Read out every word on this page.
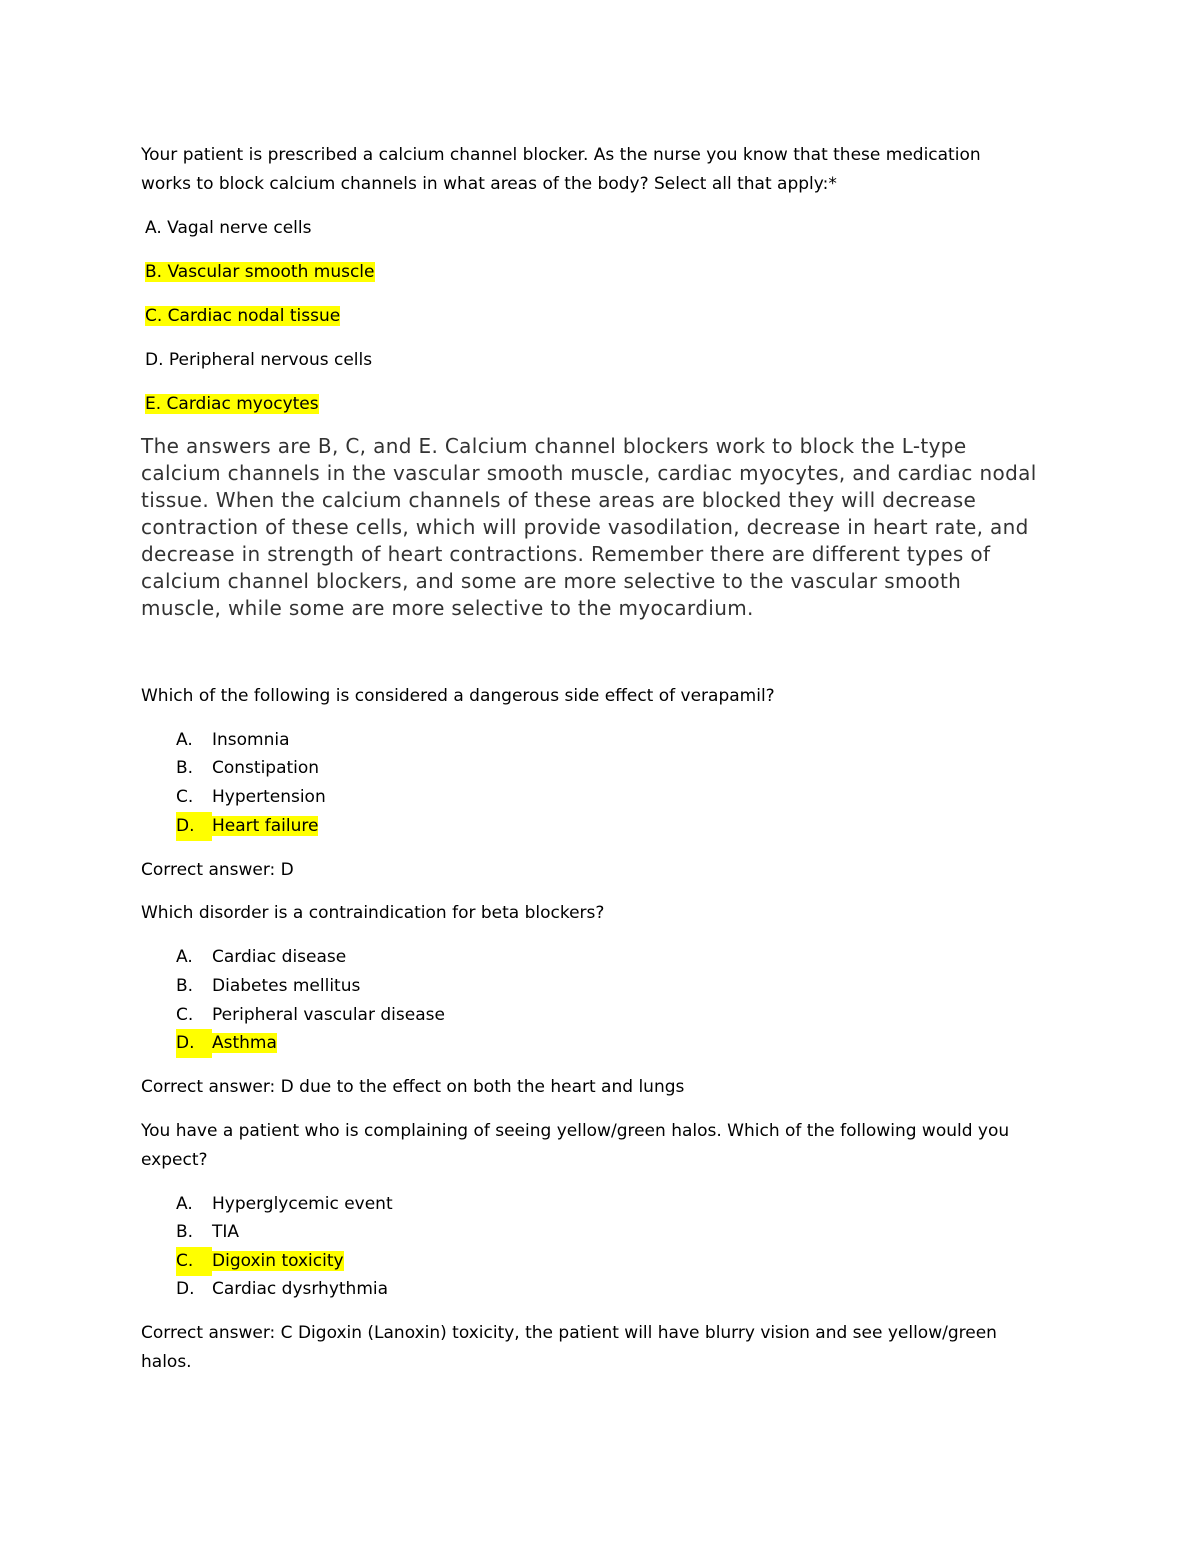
Your patient is prescribed a calcium channel blocker. As the nurse you know that these medication
works to block calcium channels in what areas of the body? Select all that apply:*
A. Vagal nerve cells
B. Vascular smooth muscle
C. Cardiac nodal tissue
D. Peripheral nervous cells
E. Cardiac myocytes
The answers are B, C, and E. Calcium channel blockers work to block the L-type calcium channels in the vascular smooth muscle, cardiac myocytes, and cardiac nodal tissue. When the calcium channels of these areas are blocked they will decrease contraction of these cells, which will provide vasodilation, decrease in heart rate, and decrease in strength of heart contractions. Remember there are different types of calcium channel blockers, and some are more selective to the vascular smooth muscle, while some are more selective to the myocardium.
Which of the following is considered a dangerous side effect of verapamil?
A. Insomnia
B. Constipation
C. Hypertension
D. Heart failure
Correct answer: D
Which disorder is a contraindication for beta blockers?
A. Cardiac disease
B. Diabetes mellitus
C. Peripheral vascular disease
D. Asthma
Correct answer: D due to the effect on both the heart and lungs
You have a patient who is complaining of seeing yellow/green halos. Which of the following would you
expect?
A. Hyperglycemic event
B. TIA
C. Digoxin toxicity
D. Cardiac dysrhythmia
Correct answer: C Digoxin (Lanoxin) toxicity, the patient will have blurry vision and see yellow/green
halos.
